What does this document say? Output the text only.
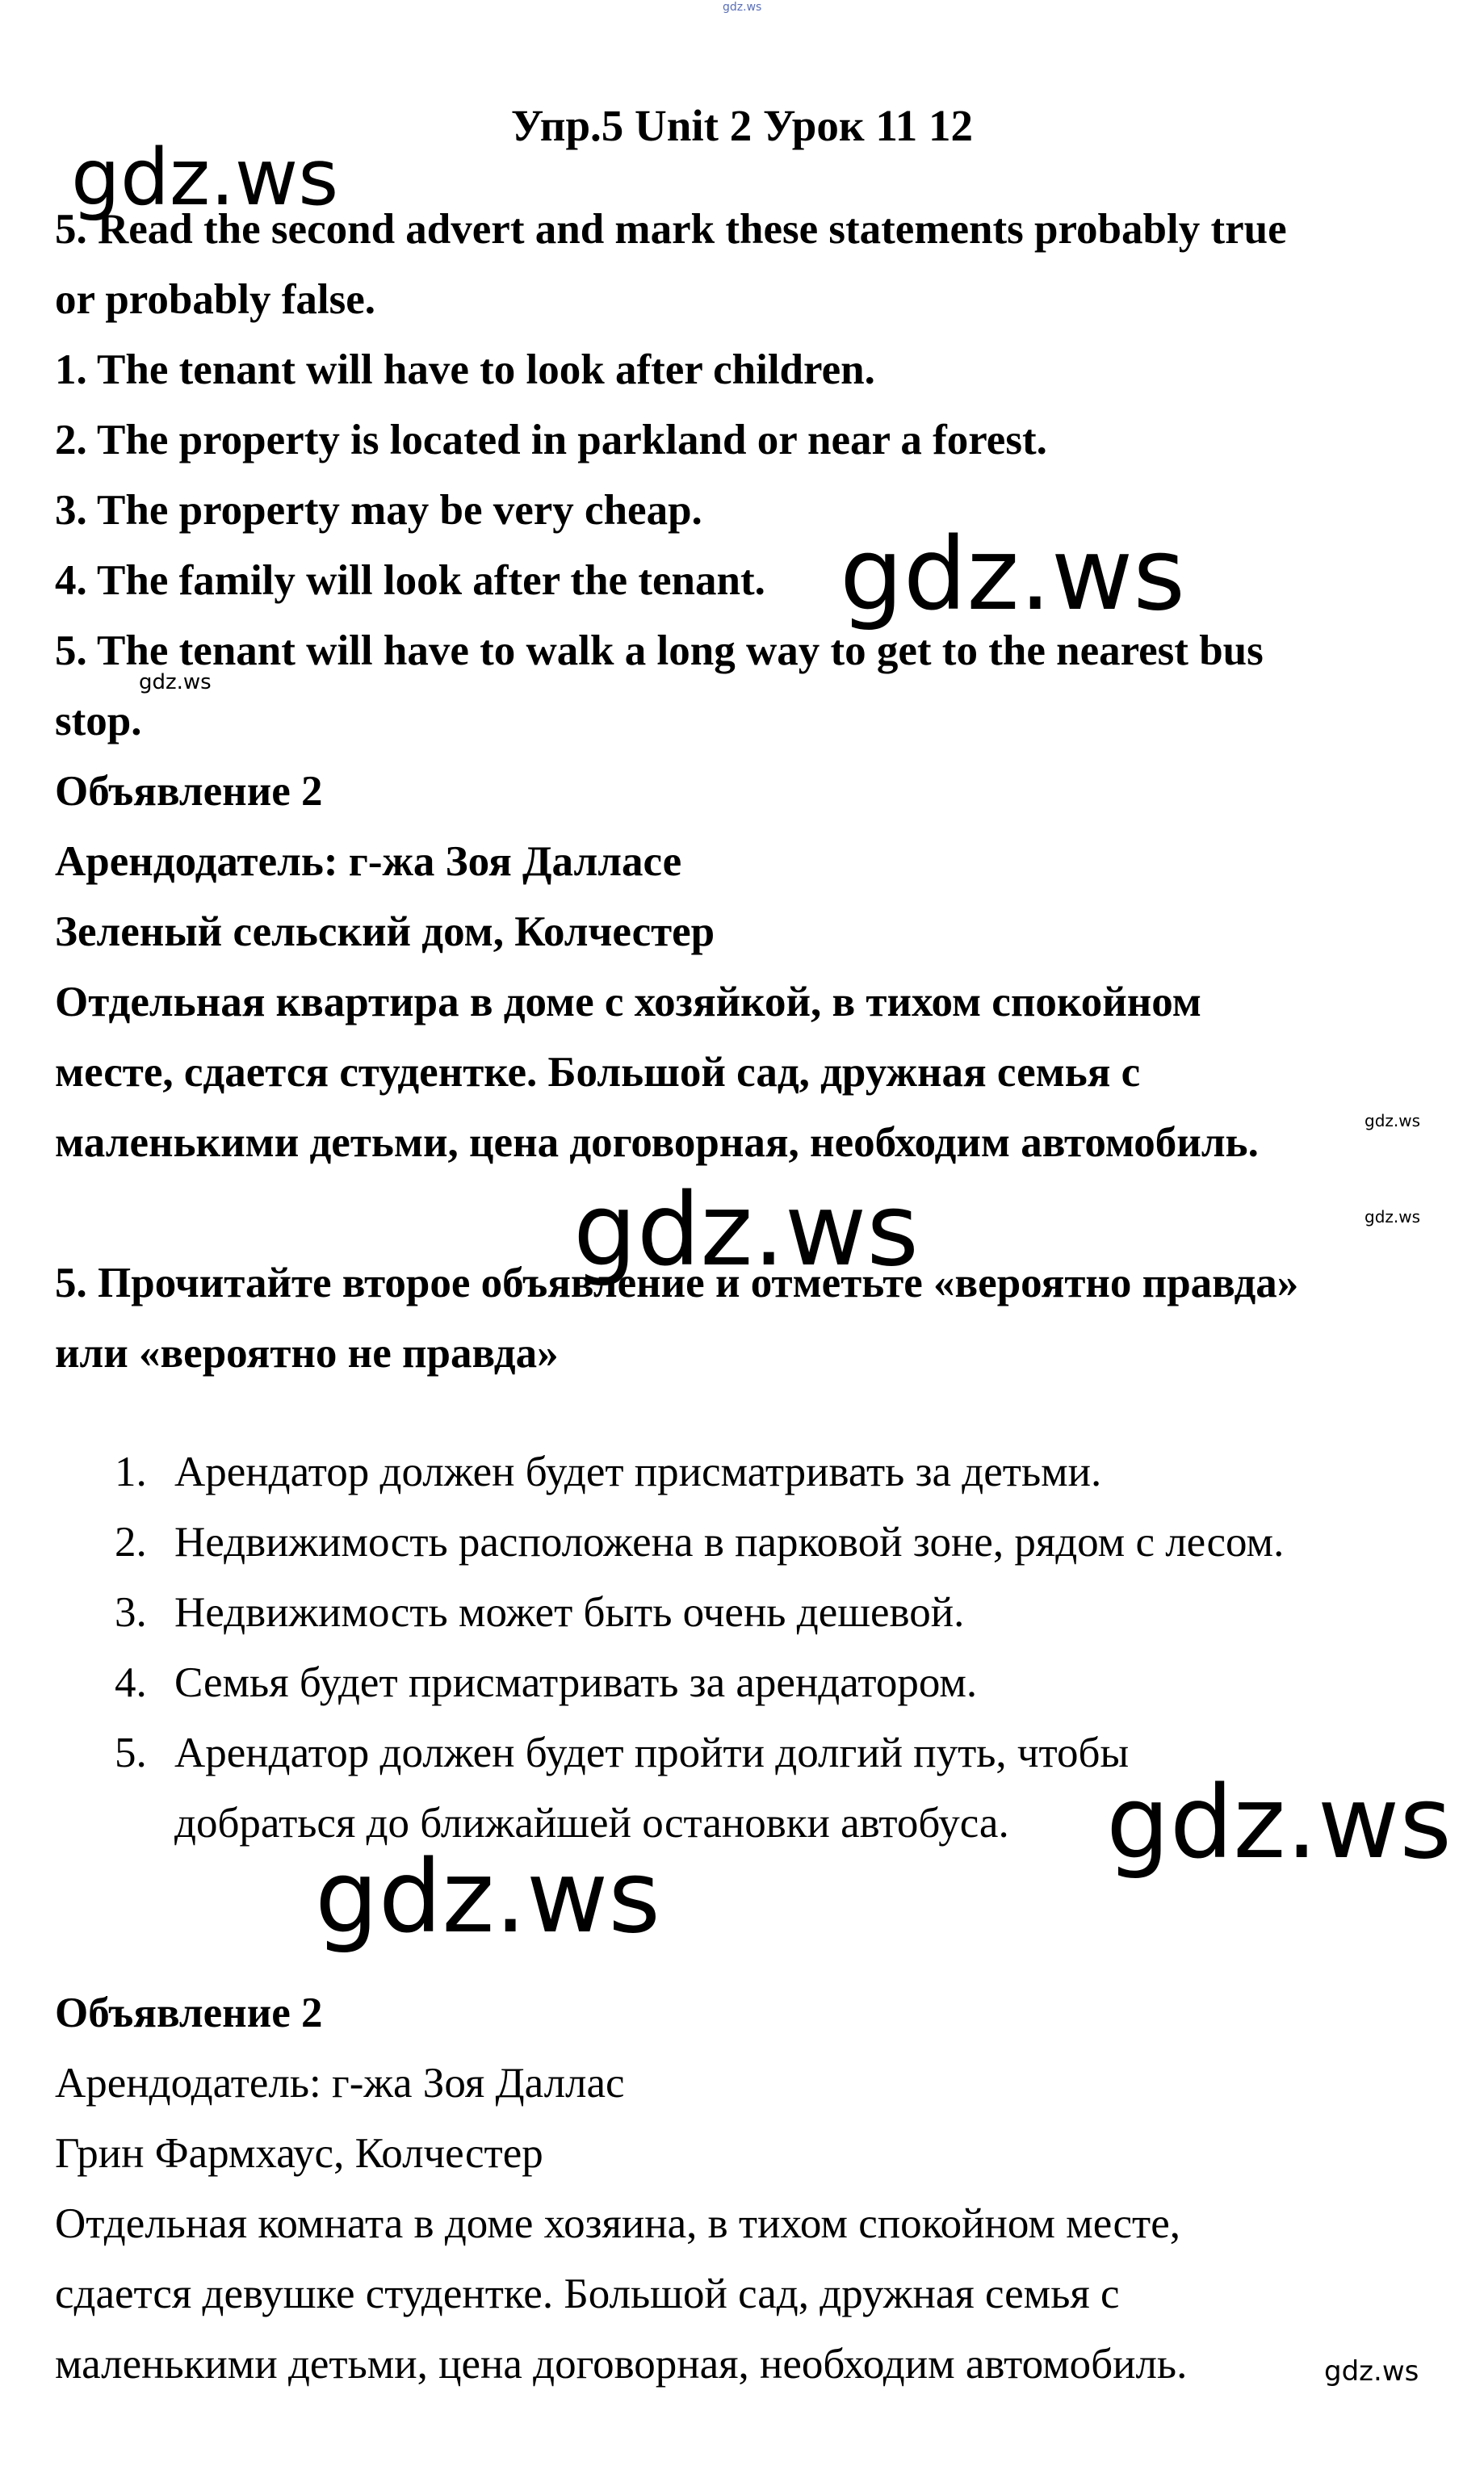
gdz.ws
gdz.ws
gdz.ws
gdz.ws
gdz.ws
gdz.ws	gdz.ws
gdz.ws
gdz.ws
gdz.ws
Упр.5 Unit 2 Урок 11 12
5. Read the second advert and mark these statements probably true
or probably false.
1. The tenant will have to look after children.
2. The property is located in parkland or near a forest.
3. The property may be very cheap.
4. The family will look after the tenant.
5. The tenant will have to walk a long way to get to the nearest bus
stop.
Объявление 2
Арендодатель: г-жа Зоя Далласе
Зеленый сельский дом, Колчестер
Отдельная квартира в доме с хозяйкой, в тихом спокойном
месте, сдается студентке. Большой сад, дружная семья с
маленькими детьми, цена договорная, необходим автомобиль.
5. Прочитайте второе объявление и отметьте «вероятно правда»
или «вероятно не правда»
1. Арендатор должен будет присматривать за детьми.
2. Недвижимость расположена в парковой зоне, рядом с лесом.
3. Недвижимость может быть очень дешевой.
4. Семья будет присматривать за арендатором.
5. Арендатор должен будет пройти долгий путь, чтобы
добраться до ближайшей остановки автобуса.
Объявление 2
Арендодатель: г-жа Зоя Даллас
Грин Фармхаус, Колчестер
Отдельная комната в доме хозяина, в тихом спокойном месте,
сдается девушке студентке. Большой сад, дружная семья с
маленькими детьми, цена договорная, необходим автомобиль.
